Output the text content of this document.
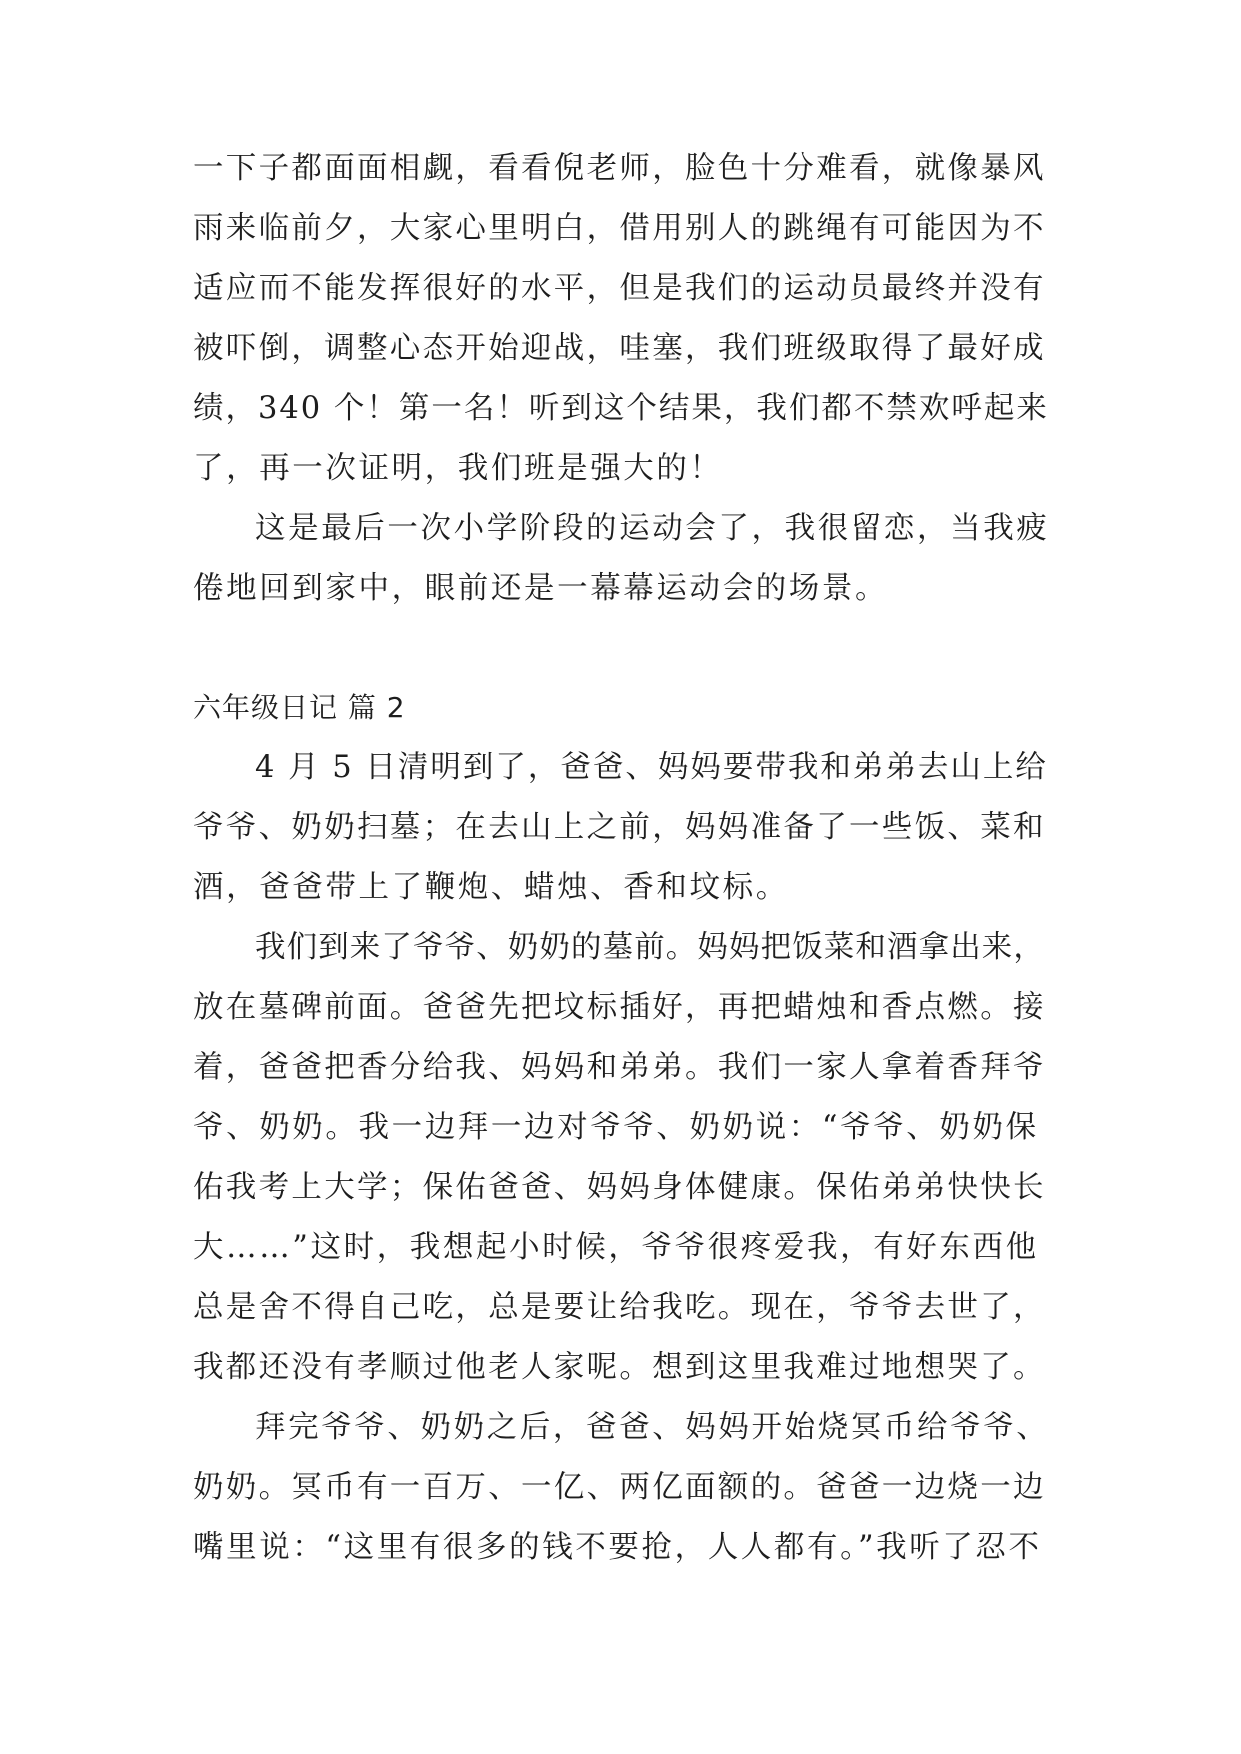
一下子都面面相觑，看看倪老师，脸色十分难看，就像暴风
雨来临前夕，大家心里明白，借用别人的跳绳有可能因为不
适应而不能发挥很好的水平，但是我们的运动员最终并没有
被吓倒，调整心态开始迎战，哇塞，我们班级取得了最好成
绩，340 个！第一名！听到这个结果，我们都不禁欢呼起来
了，再一次证明，我们班是强大的！
这是最后一次小学阶段的运动会了，我很留恋，当我疲
倦地回到家中，眼前还是一幕幕运动会的场景。
六年级日记 篇 2
4 月 5 日清明到了，爸爸、妈妈要带我和弟弟去山上给
爷爷、奶奶扫墓；在去山上之前，妈妈准备了一些饭、菜和
酒，爸爸带上了鞭炮、蜡烛、香和坟标。
我们到来了爷爷、奶奶的墓前。妈妈把饭菜和酒拿出来，
放在墓碑前面。爸爸先把坟标插好，再把蜡烛和香点燃。接
着，爸爸把香分给我、妈妈和弟弟。我们一家人拿着香拜爷
爷、奶奶。我一边拜一边对爷爷、奶奶说：“爷爷、奶奶保
佑我考上大学；保佑爸爸、妈妈身体健康。保佑弟弟快快长
大……”这时，我想起小时候，爷爷很疼爱我，有好东西他
总是舍不得自己吃，总是要让给我吃。现在，爷爷去世了，
我都还没有孝顺过他老人家呢。想到这里我难过地想哭了。
拜完爷爷、奶奶之后，爸爸、妈妈开始烧冥币给爷爷、
奶奶。冥币有一百万、一亿、两亿面额的。爸爸一边烧一边
嘴里说：“这里有很多的钱不要抢，人人都有。”我听了忍不
